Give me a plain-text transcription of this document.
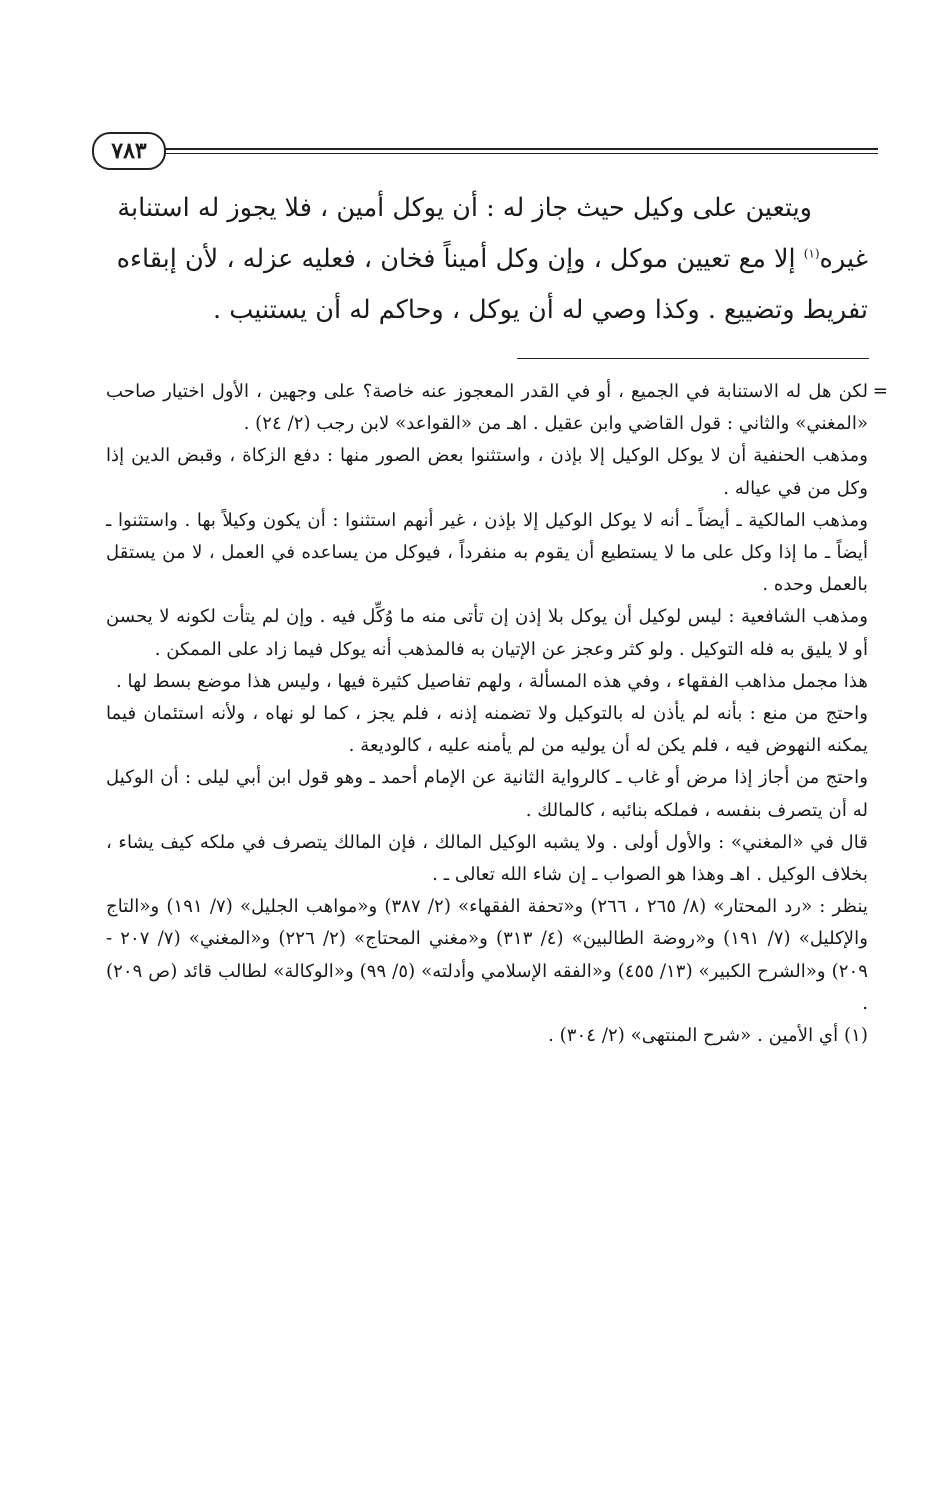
٧٨٣

ويتعين على وكيل حيث جاز له : أن يوكل أمين ، فلا يجوز له استنابة

غيره$^{(١)}$ إلا مع تعيين موكل ، وإن وكل أميناً فخان ، فعليه عزله ، لأن إبقاءه

تفريط وتضييع . وكذا وصي له أن يوكل ، وحاكم له أن يستنيب .

=
لكن هل له الاستنابة في الجميع ، أو في القدر المعجوز عنه خاصة؟ على وجهين ، الأول اختيار صاحب «المغني» والثاني : قول القاضي وابن عقيل . اهـ من «القواعد» لابن رجب (٢/ ٢٤) .

ومذهب الحنفية أن لا يوكل الوكيل إلا بإذن ، واستثنوا بعض الصور منها : دفع الزكاة ، وقبض الدين إذا وكل من في عياله .

ومذهب المالكية ـ أيضاً ـ أنه لا يوكل الوكيل إلا بإذن ، غير أنهم استثنوا : أن يكون وكيلاً بها . واستثنوا ـ أيضاً ـ ما إذا وكل على ما لا يستطيع أن يقوم به منفرداً ، فيوكل من يساعده في العمل ، لا من يستقل بالعمل وحده .

ومذهب الشافعية : ليس لوكيل أن يوكل بلا إذن إن تأتى منه ما وُكِّل فيه . وإن لم يتأت لكونه لا يحسن أو لا يليق به فله التوكيل . ولو كثر وعجز عن الإتيان به فالمذهب أنه يوكل فيما زاد على الممكن .

هذا مجمل مذاهب الفقهاء ، وفي هذه المسألة ، ولهم تفاصيل كثيرة فيها ، وليس هذا موضع بسط لها .

واحتج من منع : بأنه لم يأذن له بالتوكيل ولا تضمنه إذنه ، فلم يجز ، كما لو نهاه ، ولأنه استئمان فيما يمكنه النهوض فيه ، فلم يكن له أن يوليه من لم يأمنه عليه ، كالوديعة .

واحتج من أجاز إذا مرض أو غاب ـ كالرواية الثانية عن الإمام أحمد ـ وهو قول ابن أبي ليلى : أن الوكيل له أن يتصرف بنفسه ، فملكه بنائبه ، كالمالك .

قال في «المغني» : والأول أولى . ولا يشبه الوكيل المالك ، فإن المالك يتصرف في ملكه كيف يشاء ، بخلاف الوكيل . اهـ وهذا هو الصواب ـ إن شاء الله تعالى ـ .

ينظر : «رد المحتار» (٨/ ٢٦٥ ، ٢٦٦) و«تحفة الفقهاء» (٢/ ٣٨٧) و«مواهب الجليل» (٧/ ١٩١) و«التاج والإكليل» (٧/ ١٩١) و«روضة الطالبين» (٤/ ٣١٣) و«مغني المحتاج» (٢/ ٢٢٦) و«المغني» (٧/ ٢٠٧ - ٢٠٩) و«الشرح الكبير» (١٣/ ٤٥٥) و«الفقه الإسلامي وأدلته» (٥/ ٩٩) و«الوكالة» لطالب قائد (ص ٢٠٩) .

(١) أي الأمين . «شرح المنتهى» (٢/ ٣٠٤) .
